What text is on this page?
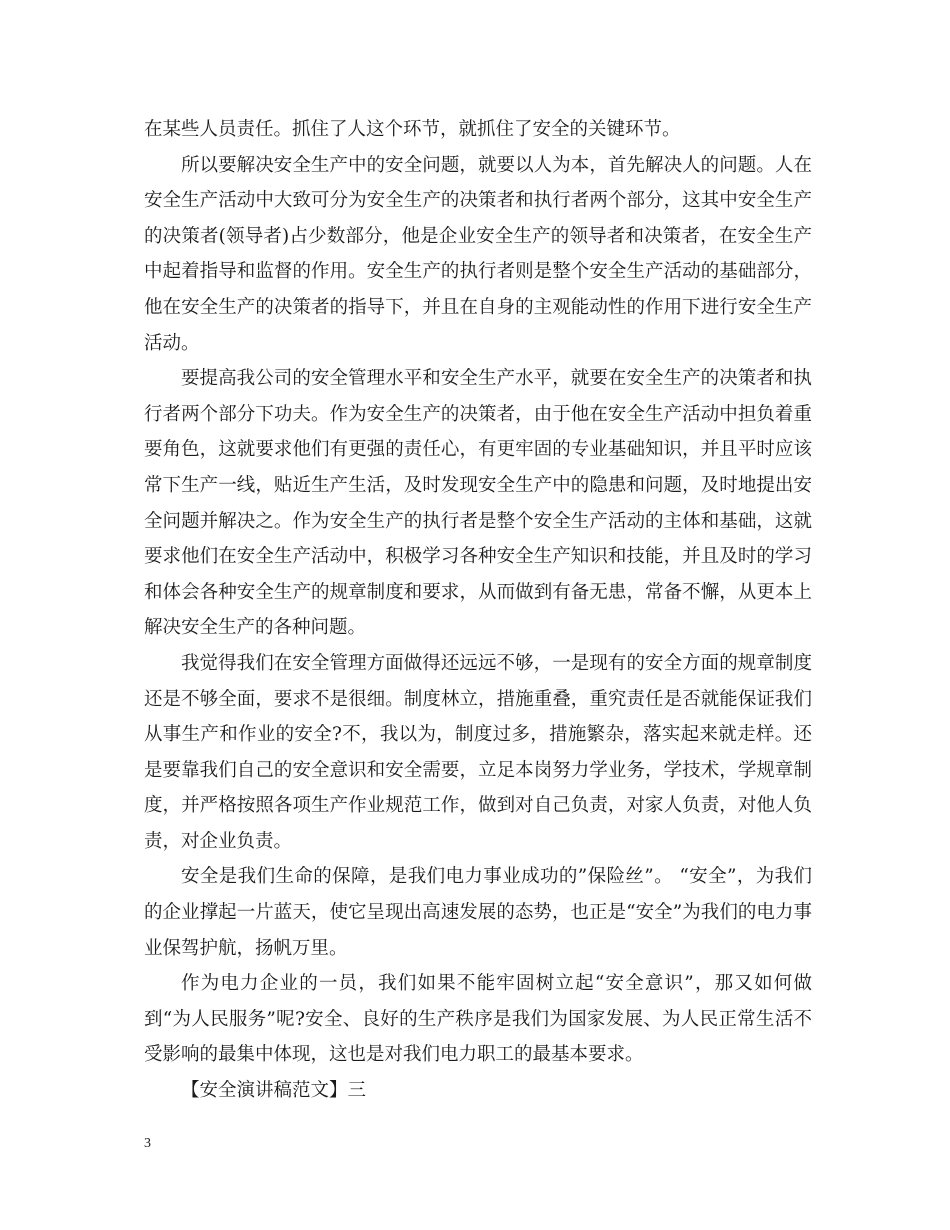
在某些人员责任。抓住了人这个环节，就抓住了安全的关键环节。

所以要解决安全生产中的安全问题，就要以人为本，首先解决人的问题。人在安全生产活动中大致可分为安全生产的决策者和执行者两个部分，这其中安全生产的决策者(领导者)占少数部分，他是企业安全生产的领导者和决策者，在安全生产中起着指导和监督的作用。安全生产的执行者则是整个安全生产活动的基础部分，他在安全生产的决策者的指导下，并且在自身的主观能动性的作用下进行安全生产活动。

要提高我公司的安全管理水平和安全生产水平，就要在安全生产的决策者和执行者两个部分下功夫。作为安全生产的决策者，由于他在安全生产活动中担负着重要角色，这就要求他们有更强的责任心，有更牢固的专业基础知识，并且平时应该常下生产一线，贴近生产生活，及时发现安全生产中的隐患和问题，及时地提出安全问题并解决之。作为安全生产的执行者是整个安全生产活动的主体和基础，这就要求他们在安全生产活动中，积极学习各种安全生产知识和技能，并且及时的学习和体会各种安全生产的规章制度和要求，从而做到有备无患，常备不懈，从更本上解决安全生产的各种问题。

我觉得我们在安全管理方面做得还远远不够，一是现有的安全方面的规章制度还是不够全面，要求不是很细。制度林立，措施重叠，重究责任是否就能保证我们从事生产和作业的安全?不，我以为，制度过多，措施繁杂，落实起来就走样。还是要靠我们自己的安全意识和安全需要，立足本岗努力学业务，学技术，学规章制度，并严格按照各项生产作业规范工作，做到对自己负责，对家人负责，对他人负责，对企业负责。

安全是我们生命的保障，是我们电力事业成功的”保险丝”。 “安全”，为我们的企业撑起一片蓝天，使它呈现出高速发展的态势，也正是“安全”为我们的电力事业保驾护航，扬帆万里。

作为电力企业的一员，我们如果不能牢固树立起“安全意识”，那又如何做到“为人民服务”呢?安全、良好的生产秩序是我们为国家发展、为人民正常生活不受影响的最集中体现，这也是对我们电力职工的最基本要求。

【安全演讲稿范文】三

3
